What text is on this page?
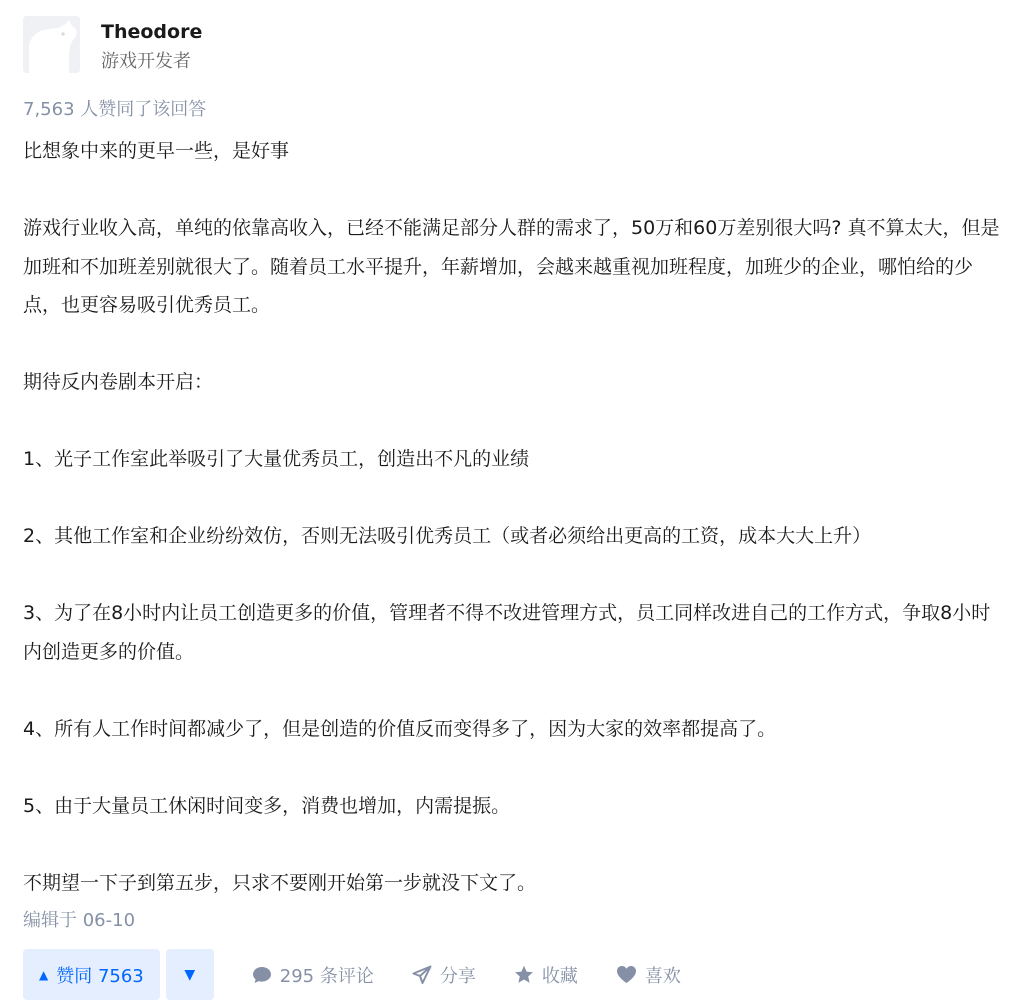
Theodore
游戏开发者
7,563 人赞同了该回答

比想象中来的更早一些，是好事

游戏行业收入高，单纯的依靠高收入，已经不能满足部分人群的需求了，50万和60万差别很大吗? 真不算太大，但是加班和不加班差别就很大了。随着员工水平提升，年薪增加，会越来越重视加班程度，加班少的企业，哪怕给的少点，也更容易吸引优秀员工。

期待反内卷剧本开启：

1、光子工作室此举吸引了大量优秀员工，创造出不凡的业绩

2、其他工作室和企业纷纷效仿，否则无法吸引优秀员工（或者必须给出更高的工资，成本大大上升）

3、为了在8小时内让员工创造更多的价值，管理者不得不改进管理方式，员工同样改进自己的工作方式，争取8小时内创造更多的价值。

4、所有人工作时间都减少了，但是创造的价值反而变得多了，因为大家的效率都提高了。

5、由于大量员工休闲时间变多，消费也增加，内需提振。

不期望一下子到第五步，只求不要刚开始第一步就没下文了。

编辑于 06-10
▲ 赞同 7563	▼	295 条评论	分享	收藏	喜欢
